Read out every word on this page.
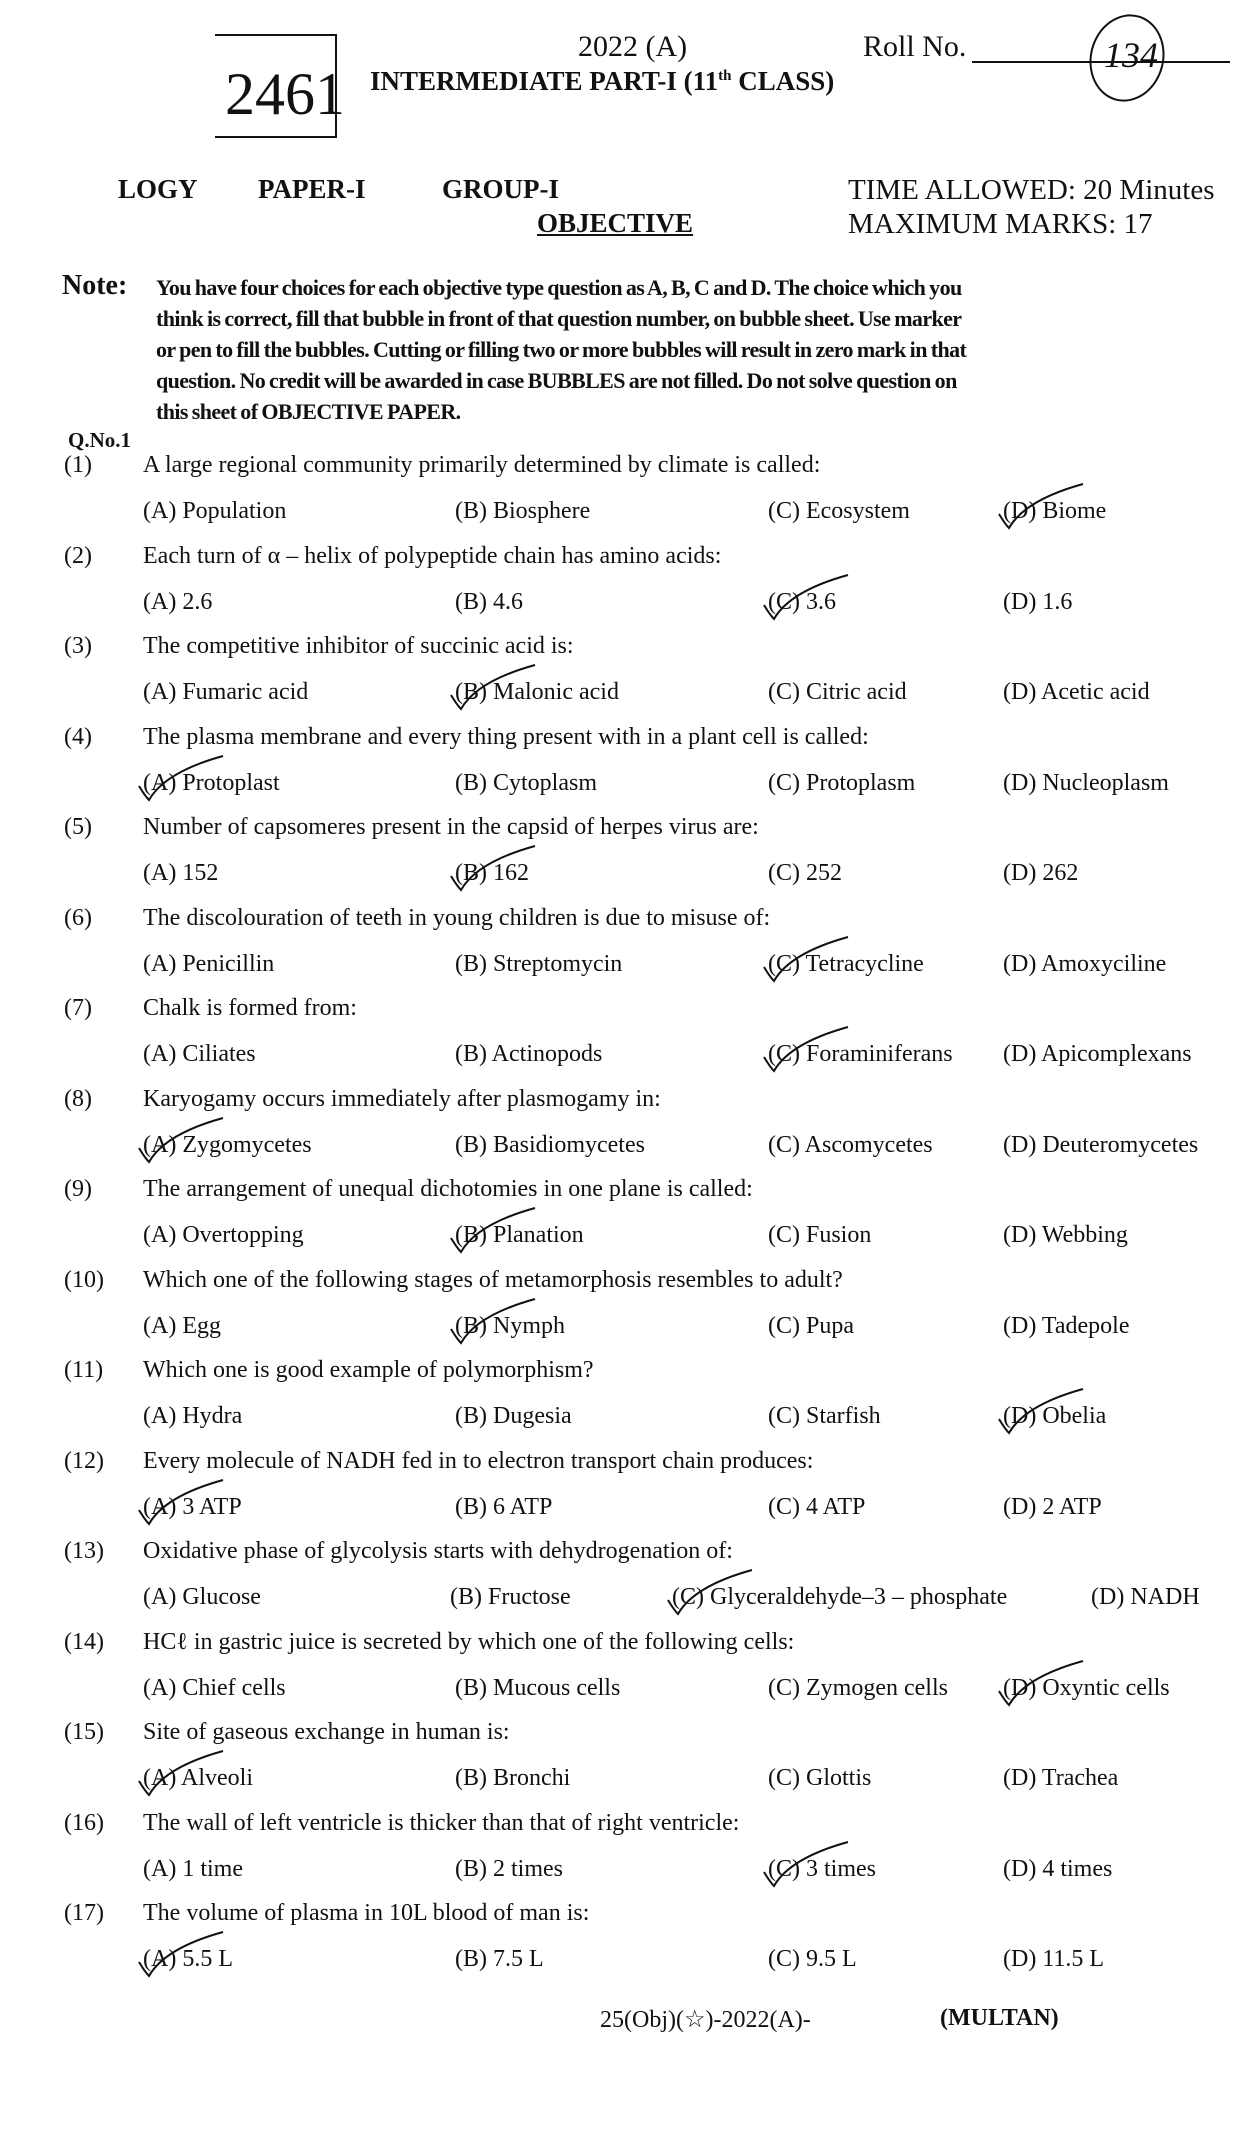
2461
2022 (A)	Roll No.	134
INTERMEDIATE PART-I (11th CLASS)
LOGY PAPER-I	GROUP-I
OBJECTIVE
TIME ALLOWED: 20 Minutes
MAXIMUM MARKS: 17
Note: You have four choices for each objective type question as A, B, C and D. The choice which you
think is correct, fill that bubble in front of that question number, on bubble sheet. Use marker
or pen to fill the bubbles. Cutting or filling two or more bubbles will result in zero mark in that
question. No credit will be awarded in case BUBBLES are not filled. Do not solve question on
this sheet of OBJECTIVE PAPER.
Q.No.1
(1) A large regional community primarily determined by climate is called:
(A) Population	(B) Biosphere	(C) Ecosystem	(D) Biome
(2) Each turn of α – helix of polypeptide chain has amino acids:
(A) 2.6	(B) 4.6	(C) 3.6	(D) 1.6
(3) The competitive inhibitor of succinic acid is:
(A) Fumaric acid	(B) Malonic acid	(C) Citric acid	(D) Acetic acid
(4) The plasma membrane and every thing present with in a plant cell is called:
(A) Protoplast	(B) Cytoplasm	(C) Protoplasm	(D) Nucleoplasm
(5) Number of capsomeres present in the capsid of herpes virus are:
(A) 152	(B) 162	(C) 252	(D) 262
(6) The discolouration of teeth in young children is due to misuse of:
(A) Penicillin	(B) Streptomycin	(C) Tetracycline	(D) Amoxyciline
(7) Chalk is formed from:
(A) Ciliates	(B) Actinopods	(C) Foraminiferans (D) Apicomplexans
(8) Karyogamy occurs immediately after plasmogamy in:
(A) Zygomycetes	(B) Basidiomycetes	(C) Ascomycetes	(D) Deuteromycetes
(9) The arrangement of unequal dichotomies in one plane is called:
(A) Overtopping	(B) Planation	(C) Fusion	(D) Webbing
(10) Which one of the following stages of metamorphosis resembles to adult?
(A) Egg	(B) Nymph	(C) Pupa	(D) Tadepole
(11) Which one is good example of polymorphism?
(A) Hydra	(B) Dugesia	(C) Starfish	(D) Obelia
(12) Every molecule of NADH fed in to electron transport chain produces:
(A) 3 ATP	(B) 6 ATP	(C) 4 ATP	(D) 2 ATP
(13) Oxidative phase of glycolysis starts with dehydrogenation of:
(A) Glucose	(B) Fructose	(C) Glyceraldehyde–3 – phosphate	(D) NADH
(14) HCℓ in gastric juice is secreted by which one of the following cells:
(A) Chief cells	(B) Mucous cells	(C) Zymogen cells (D) Oxyntic cells
(15) Site of gaseous exchange in human is:
(A) Alveoli	(B) Bronchi	(C) Glottis	(D) Trachea
(16) The wall of left ventricle is thicker than that of right ventricle:
(A) 1 time	(B) 2 times	(C) 3 times	(D) 4 times
(17) The volume of plasma in 10L blood of man is:
(A) 5.5 L	(B) 7.5 L	(C) 9.5 L	(D) 11.5 L
25(Obj)(☆)-2022(A)-	(MULTAN)
